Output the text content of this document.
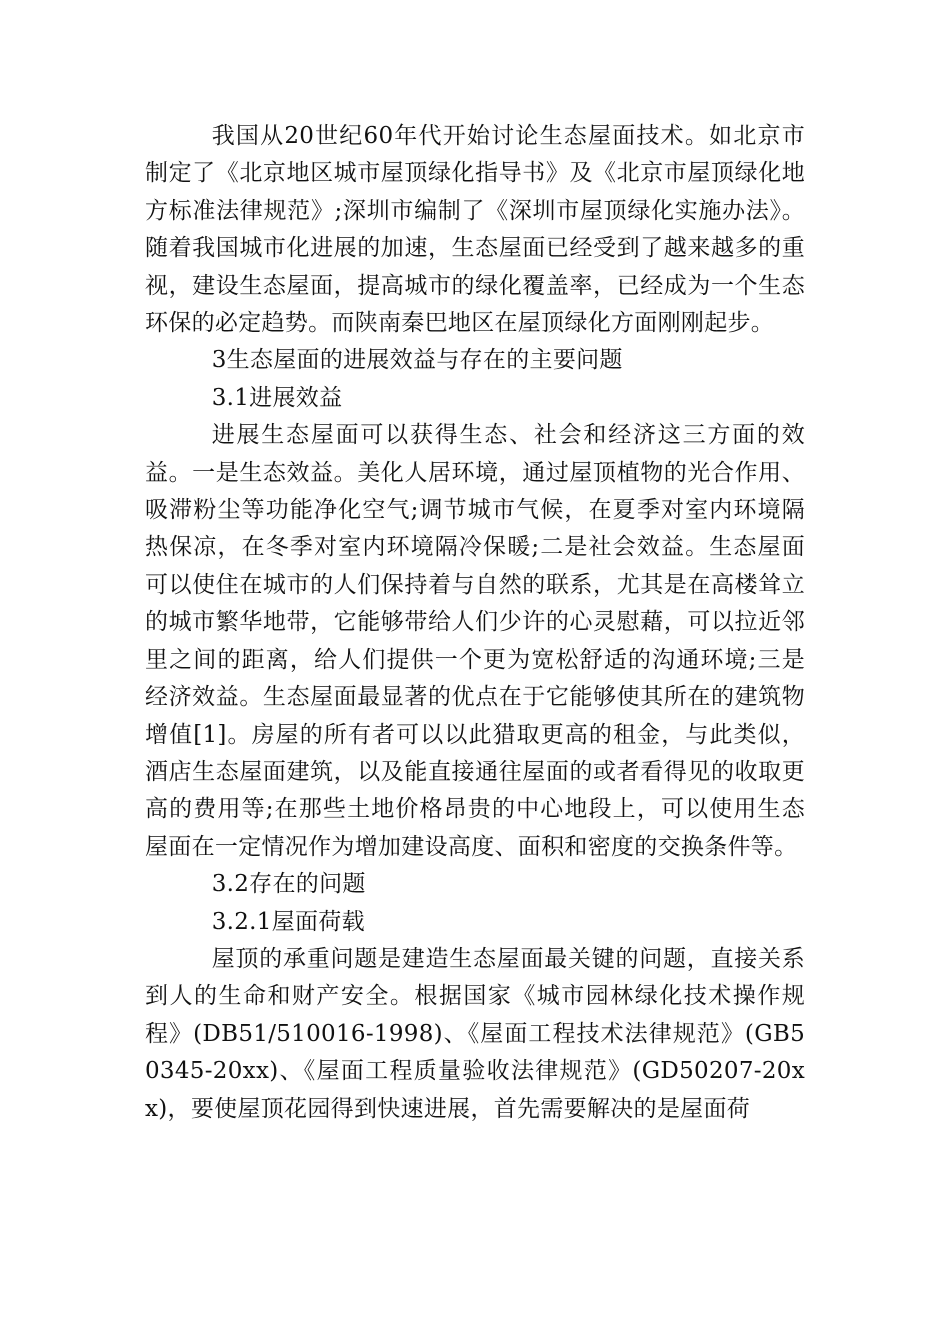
我国从20世纪60年代开始讨论生态屋面技术。如北京市制定了《北京地区城市屋顶绿化指导书》及《北京市屋顶绿化地方标准法律规范》;深圳市编制了《深圳市屋顶绿化实施办法》。随着我国城市化进展的加速，生态屋面已经受到了越来越多的重视，建设生态屋面，提高城市的绿化覆盖率，已经成为一个生态环保的必定趋势。而陕南秦巴地区在屋顶绿化方面刚刚起步。

3生态屋面的进展效益与存在的主要问题

3.1进展效益

进展生态屋面可以获得生态、社会和经济这三方面的效益。一是生态效益。美化人居环境，通过屋顶植物的光合作用、吸滞粉尘等功能净化空气;调节城市气候，在夏季对室内环境隔热保凉，在冬季对室内环境隔冷保暖;二是社会效益。生态屋面可以使住在城市的人们保持着与自然的联系，尤其是在高楼耸立的城市繁华地带，它能够带给人们少许的心灵慰藉，可以拉近邻里之间的距离，给人们提供一个更为宽松舒适的沟通环境;三是经济效益。生态屋面最显著的优点在于它能够使其所在的建筑物增值[1]。房屋的所有者可以以此猎取更高的租金，与此类似，酒店生态屋面建筑，以及能直接通往屋面的或者看得见的收取更高的费用等;在那些土地价格昂贵的中心地段上，可以使用生态屋面在一定情况作为增加建设高度、面积和密度的交换条件等。

3.2存在的问题

3.2.1屋面荷载

屋顶的承重问题是建造生态屋面最关键的问题，直接关系到人的生命和财产安全。根据国家《城市园林绿化技术操作规程》(DB51/510016-1998)、《屋面工程技术法律规范》(GB50345-20xx)、《屋面工程质量验收法律规范》(GD50207-20xx)，要使屋顶花园得到快速进展，首先需要解决的是屋面荷
